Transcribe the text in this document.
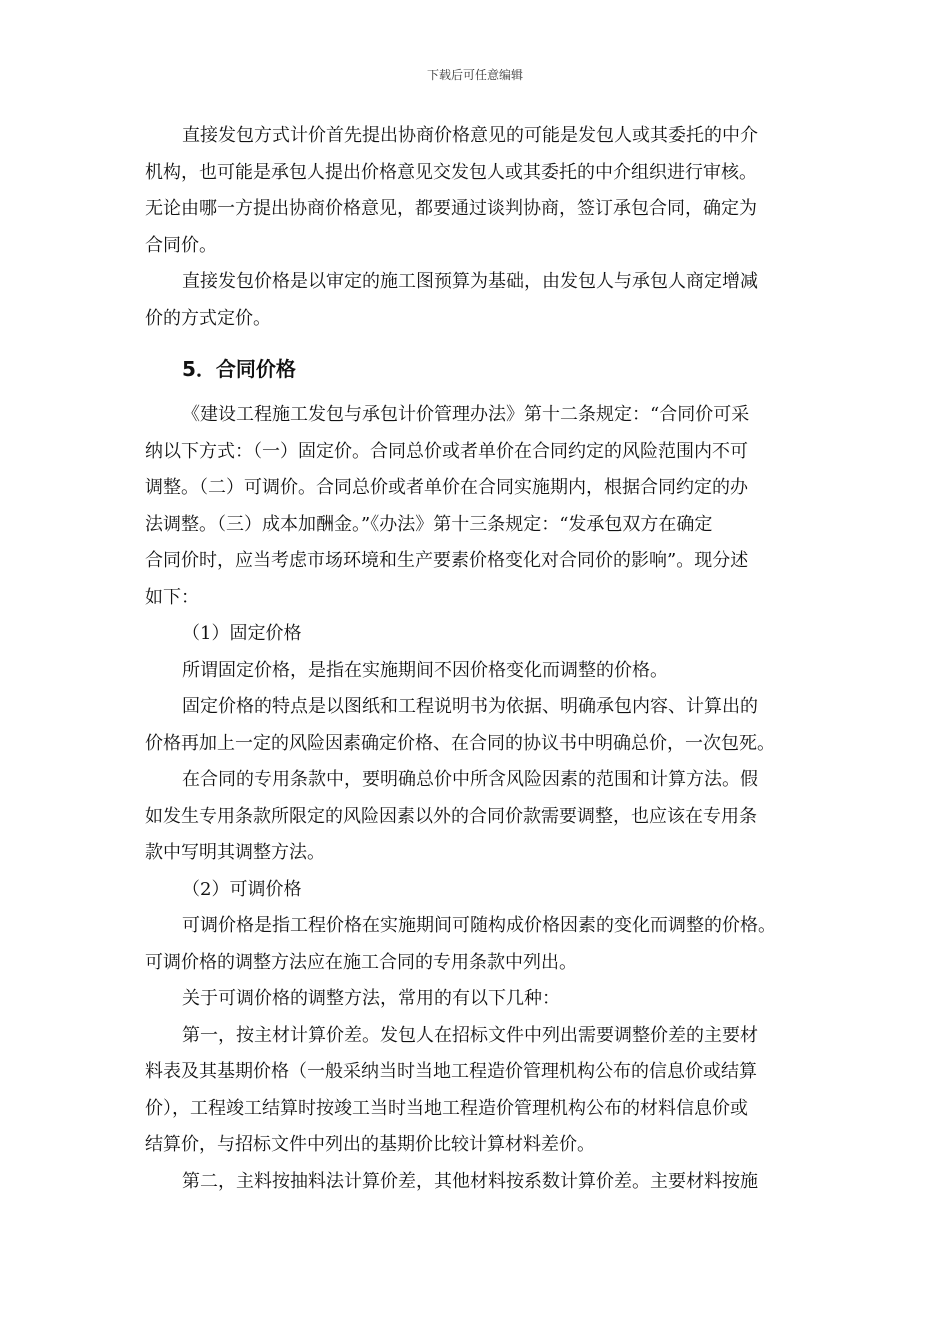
下载后可任意编辑
直接发包方式计价首先提出协商价格意见的可能是发包人或其委托的中介
机构，也可能是承包人提出价格意见交发包人或其委托的中介组织进行审核。
无论由哪一方提出协商价格意见，都要通过谈判协商，签订承包合同，确定为
合同价。
直接发包价格是以审定的施工图预算为基础，由发包人与承包人商定增减
价的方式定价。
5．合同价格
《建设工程施工发包与承包计价管理办法》第十二条规定：“合同价可采
纳以下方式：（一）固定价。合同总价或者单价在合同约定的风险范围内不可
调整。（二）可调价。合同总价或者单价在合同实施期内，根据合同约定的办
法调整。（三）成本加酬金。”《办法》第十三条规定：“发承包双方在确定
合同价时，应当考虑市场环境和生产要素价格变化对合同价的影响”。现分述
如下：
（1）固定价格
所谓固定价格，是指在实施期间不因价格变化而调整的价格。
固定价格的特点是以图纸和工程说明书为依据、明确承包内容、计算出的
价格再加上一定的风险因素确定价格、在合同的协议书中明确总价，一次包死。
在合同的专用条款中，要明确总价中所含风险因素的范围和计算方法。假
如发生专用条款所限定的风险因素以外的合同价款需要调整，也应该在专用条
款中写明其调整方法。
（2）可调价格
可调价格是指工程价格在实施期间可随构成价格因素的变化而调整的价格。
可调价格的调整方法应在施工合同的专用条款中列出。
关于可调价格的调整方法，常用的有以下几种：
第一，按主材计算价差。发包人在招标文件中列出需要调整价差的主要材
料表及其基期价格（一般采纳当时当地工程造价管理机构公布的信息价或结算
价），工程竣工结算时按竣工当时当地工程造价管理机构公布的材料信息价或
结算价，与招标文件中列出的基期价比较计算材料差价。
第二，主料按抽料法计算价差，其他材料按系数计算价差。主要材料按施
